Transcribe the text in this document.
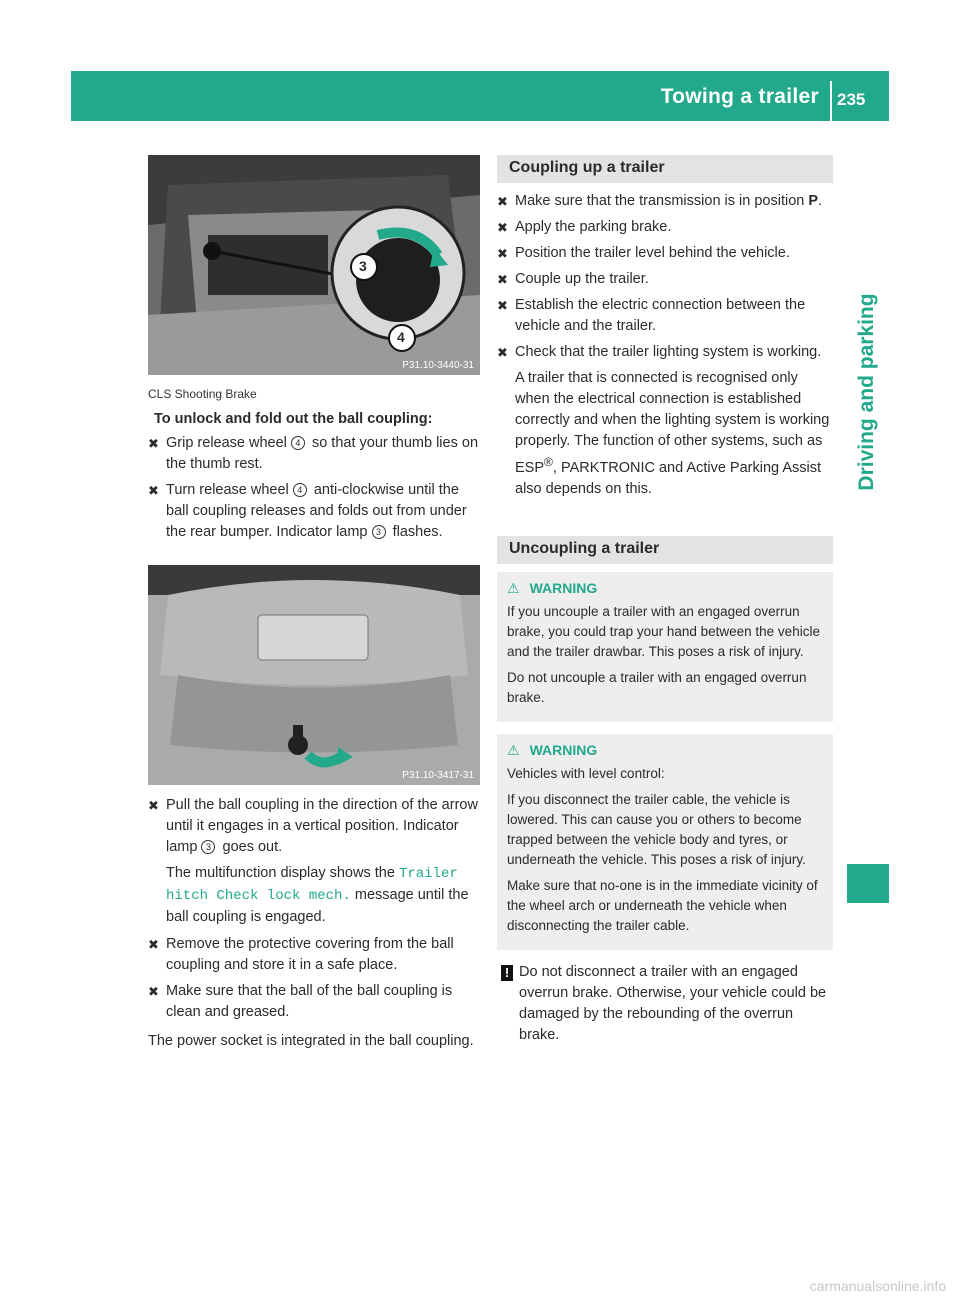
Towing a trailer 235
Driving and parking
3
4
P31.10-3440-31
CLS Shooting Brake
To unlock and fold out the ball coupling:
✖ Grip release wheel 4 so that your thumb lies on the thumb rest.
✖ Turn release wheel 4 anti-clockwise until the ball coupling releases and folds out from under the rear bumper. Indicator lamp 3 flashes.
P31.10-3417-31
✖ Pull the ball coupling in the direction of the arrow until it engages in a vertical position. Indicator lamp 3 goes out.
The multifunction display shows the Trailer hitch Check lock mech. message until the ball coupling is engaged.
✖ Remove the protective covering from the ball coupling and store it in a safe place.
✖ Make sure that the ball of the ball coupling is clean and greased.
The power socket is integrated in the ball coupling.
Coupling up a trailer
✖ Make sure that the transmission is in position P.
✖ Apply the parking brake.
✖ Position the trailer level behind the vehicle.
✖ Couple up the trailer.
✖ Establish the electric connection between the vehicle and the trailer.
✖ Check that the trailer lighting system is working.
A trailer that is connected is recognised only when the electrical connection is established correctly and when the lighting system is working properly. The function of other systems, such as ESP®, PARKTRONIC and Active Parking Assist also depends on this.
Uncoupling a trailer
⚠ WARNING

If you uncouple a trailer with an engaged overrun brake, you could trap your hand between the vehicle and the trailer drawbar. This poses a risk of injury.

Do not uncouple a trailer with an engaged overrun brake.

⚠ WARNING

Vehicles with level control:

If you disconnect the trailer cable, the vehicle is lowered. This can cause you or others to become trapped between the vehicle body and tyres, or underneath the vehicle. This poses a risk of injury.

Make sure that no-one is in the immediate vicinity of the wheel arch or underneath the vehicle when disconnecting the trailer cable.

! Do not disconnect a trailer with an engaged overrun brake. Otherwise, your vehicle could be damaged by the rebounding of the overrun brake.
carmanualsonline.info
